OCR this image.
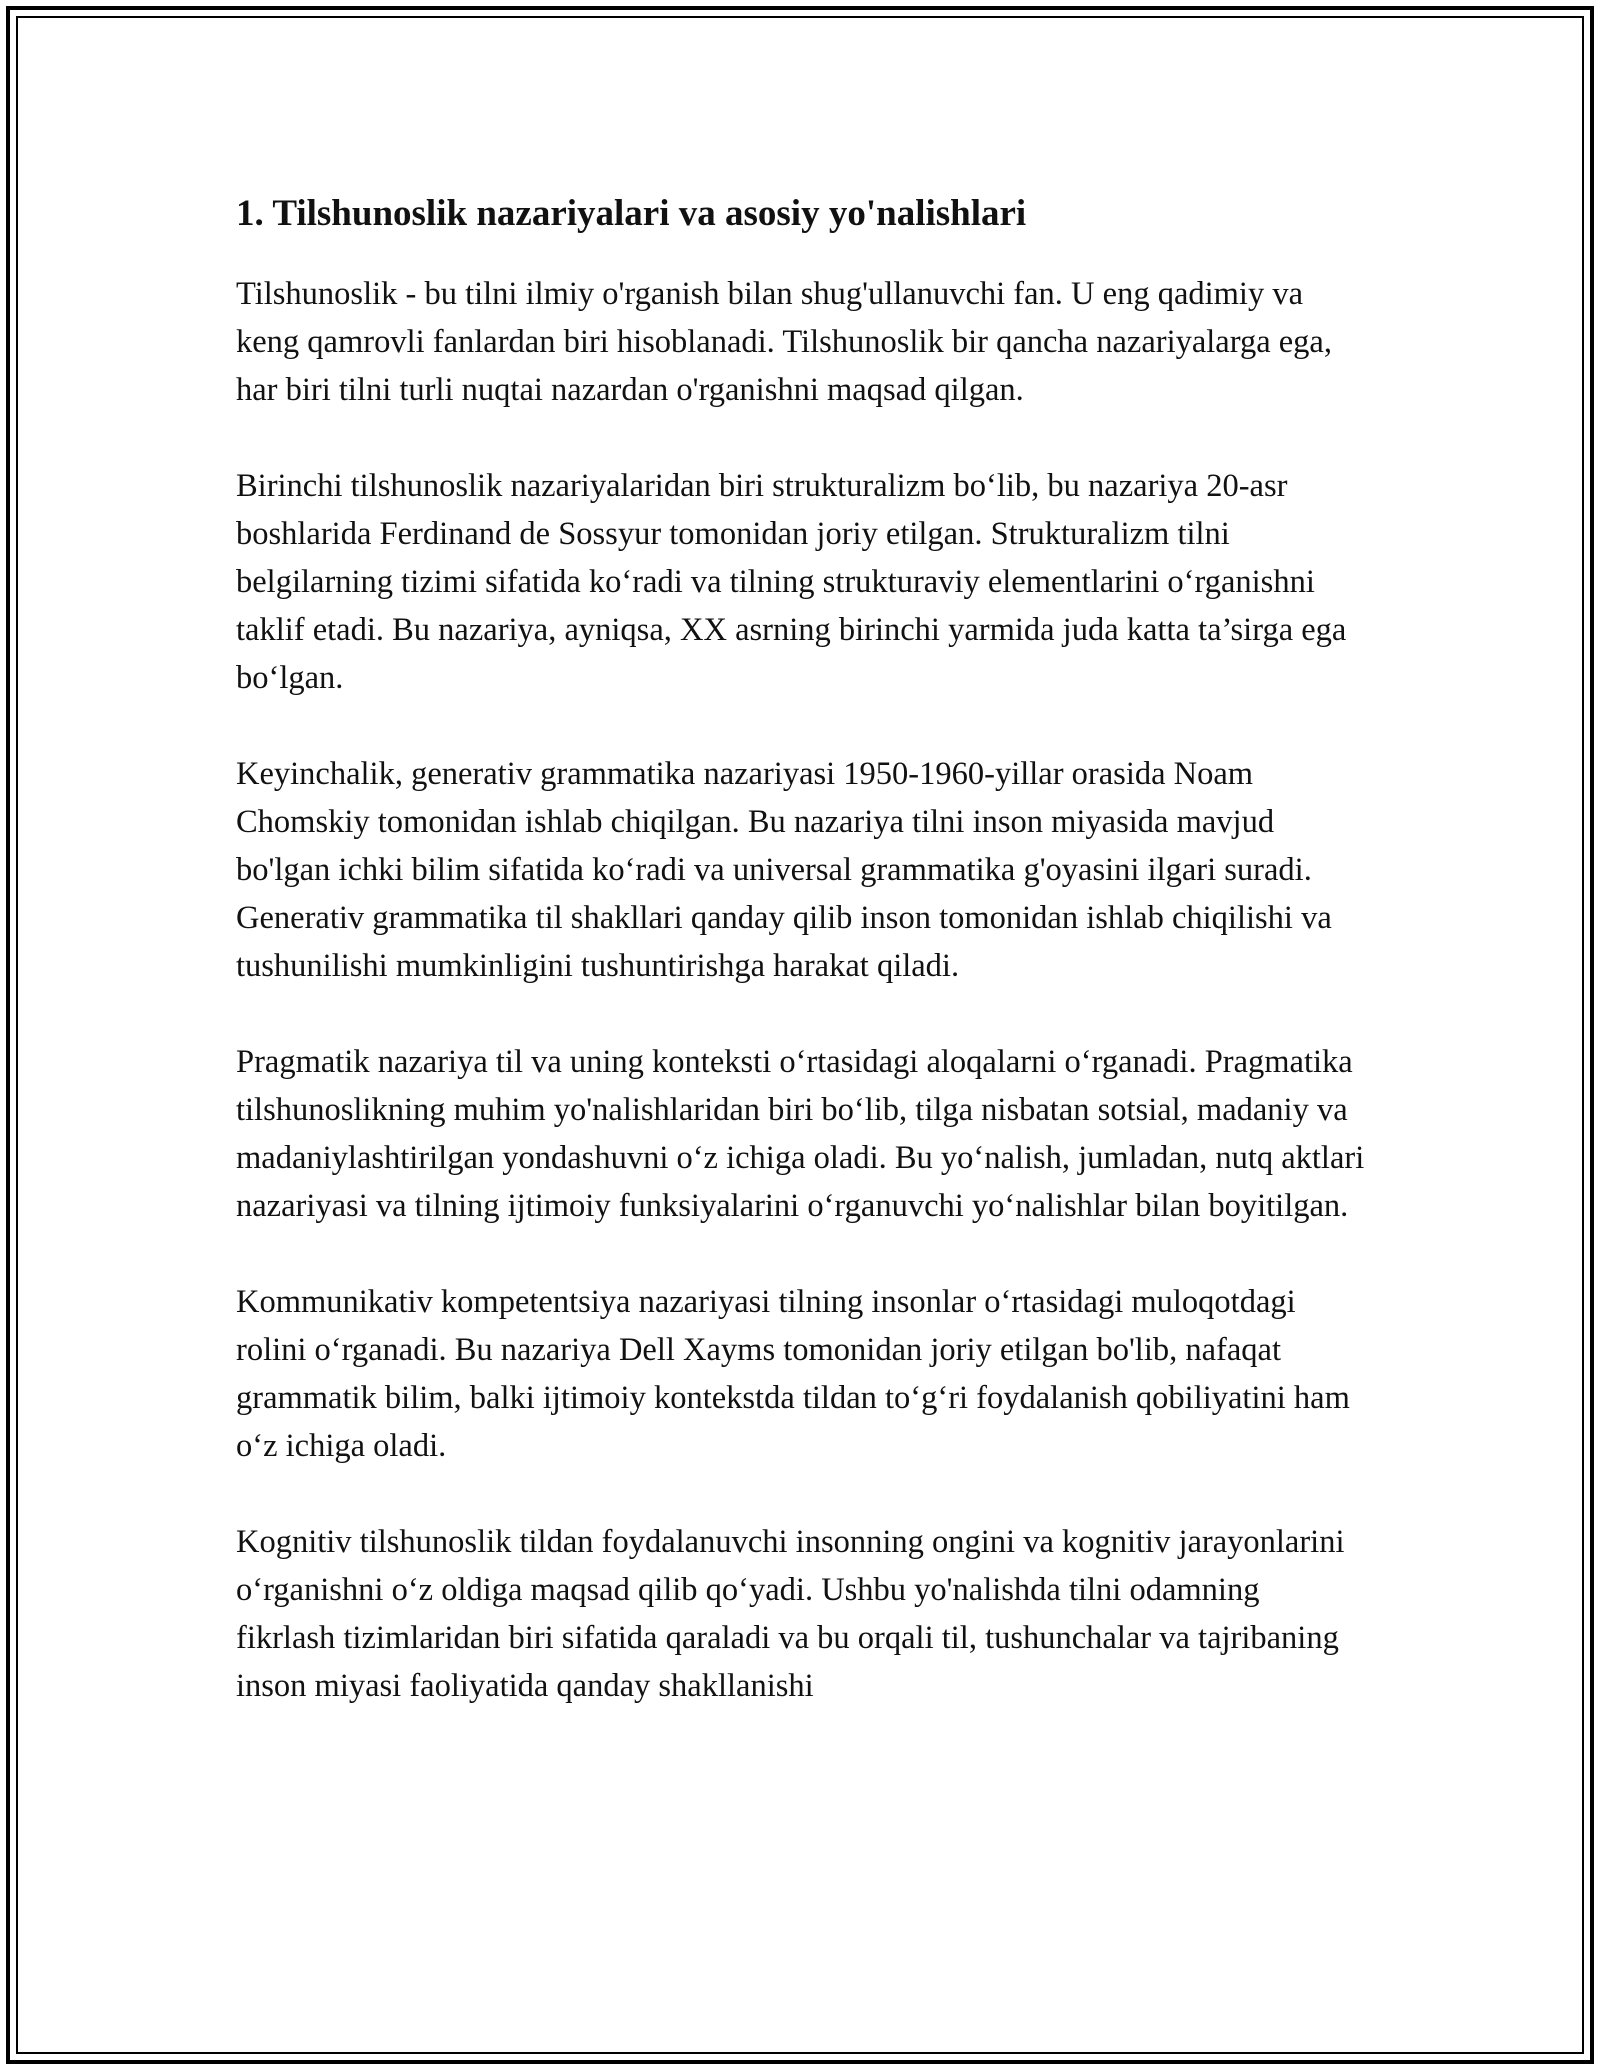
1. Tilshunoslik nazariyalari va asosiy yo'nalishlari

Tilshunoslik - bu tilni ilmiy o'rganish bilan shug'ullanuvchi fan. U eng qadimiy va keng qamrovli fanlardan biri hisoblanadi. Tilshunoslik bir qancha nazariyalarga ega, har biri tilni turli nuqtai nazardan o'rganishni maqsad qilgan.

Birinchi tilshunoslik nazariyalaridan biri strukturalizm bo‘lib, bu nazariya 20-asr boshlarida Ferdinand de Sossyur tomonidan joriy etilgan. Strukturalizm tilni belgilarning tizimi sifatida ko‘radi va tilning strukturaviy elementlarini o‘rganishni taklif etadi. Bu nazariya, ayniqsa, XX asrning birinchi yarmida juda katta ta’sirga ega bo‘lgan.

Keyinchalik, generativ grammatika nazariyasi 1950-1960-yillar orasida Noam Chomskiy tomonidan ishlab chiqilgan. Bu nazariya tilni inson miyasida mavjud bo'lgan ichki bilim sifatida ko‘radi va universal grammatika g'oyasini ilgari suradi. Generativ grammatika til shakllari qanday qilib inson tomonidan ishlab chiqilishi va tushunilishi mumkinligini tushuntirishga harakat qiladi.

Pragmatik nazariya til va uning konteksti o‘rtasidagi aloqalarni o‘rganadi. Pragmatika tilshunoslikning muhim yo'nalishlaridan biri bo‘lib, tilga nisbatan sotsial, madaniy va madaniylashtirilgan yondashuvni o‘z ichiga oladi. Bu yo‘nalish, jumladan, nutq aktlari nazariyasi va tilning ijtimoiy funksiyalarini o‘rganuvchi yo‘nalishlar bilan boyitilgan.

Kommunikativ kompetentsiya nazariyasi tilning insonlar o‘rtasidagi muloqotdagi rolini o‘rganadi. Bu nazariya Dell Xayms tomonidan joriy etilgan bo'lib, nafaqat grammatik bilim, balki ijtimoiy kontekstda tildan to‘g‘ri foydalanish qobiliyatini ham o‘z ichiga oladi.

Kognitiv tilshunoslik tildan foydalanuvchi insonning ongini va kognitiv jarayonlarini o‘rganishni o‘z oldiga maqsad qilib qo‘yadi. Ushbu yo'nalishda tilni odamning fikrlash tizimlaridan biri sifatida qaraladi va bu orqali til, tushunchalar va tajribaning inson miyasi faoliyatida qanday shakllanishi
